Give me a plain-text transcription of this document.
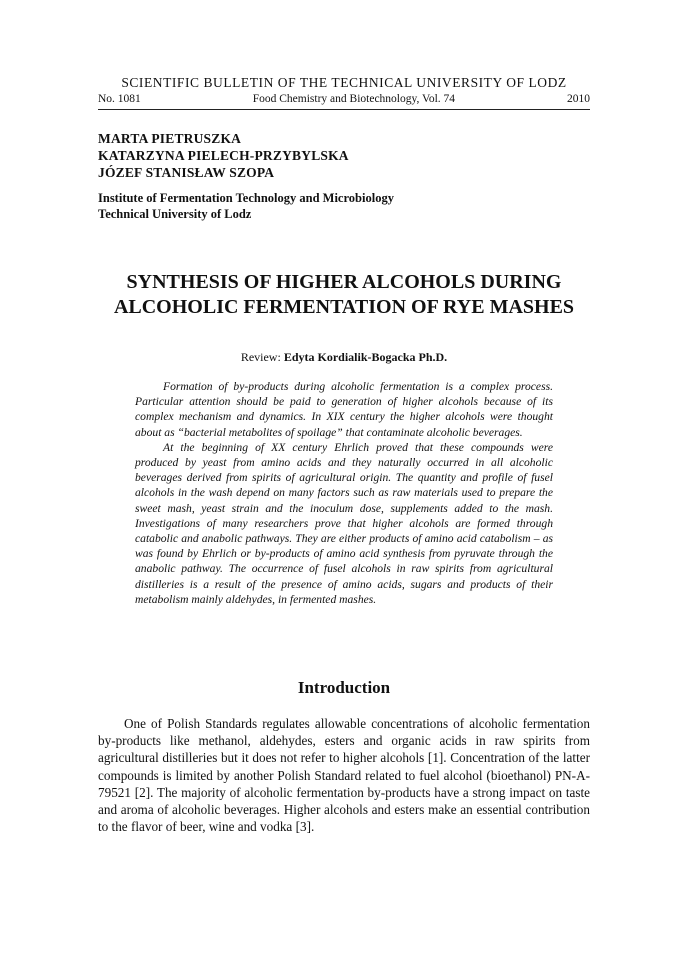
SCIENTIFIC BULLETIN OF THE TECHNICAL UNIVERSITY OF LODZ
No. 1081	Food Chemistry and Biotechnology, Vol. 74	2010
MARTA PIETRUSZKA
KATARZYNA PIELECH-PRZYBYLSKA
JÓZEF STANISŁAW SZOPA
Institute of Fermentation Technology and Microbiology
Technical University of Lodz
SYNTHESIS OF HIGHER ALCOHOLS DURING
ALCOHOLIC FERMENTATION OF RYE MASHES
Review: Edyta Kordialik-Bogacka Ph.D.

Formation of by-products during alcoholic fermentation is a complex process. Particular attention should be paid to generation of higher alcohols because of its complex mechanism and dynamics. In XIX century the higher alcohols were thought about as “bacterial metabolites of spoilage” that contaminate alcoholic beverages.

At the beginning of XX century Ehrlich proved that these compounds were produced by yeast from amino acids and they naturally occurred in all alcoholic beverages derived from spirits of agricultural origin. The quantity and profile of fusel alcohols in the wash depend on many factors such as raw materials used to prepare the sweet mash, yeast strain and the inoculum dose, supplements added to the mash. Investigations of many researchers prove that higher alcohols are formed through catabolic and anabolic pathways. They are either products of amino acid catabolism – as was found by Ehrlich or by-products of amino acid synthesis from pyruvate through the anabolic pathway. The occurrence of fusel alcohols in raw spirits from agricultural distilleries is a result of the presence of amino acids, sugars and products of their metabolism mainly aldehydes, in fermented mashes.

Introduction

One of Polish Standards regulates allowable concentrations of alcoholic fermentation by-products like methanol, aldehydes, esters and organic acids in raw spirits from agricultural distilleries but it does not refer to higher alcohols [1]. Concentration of the latter compounds is limited by another Polish Standard related to fuel alcohol (bioethanol) PN-A-79521 [2]. The majority of alcoholic fermentation by-products have a strong impact on taste and aroma of alcoholic beverages. Higher alcohols and esters make an essential contribution to the flavor of beer, wine and vodka [3].
